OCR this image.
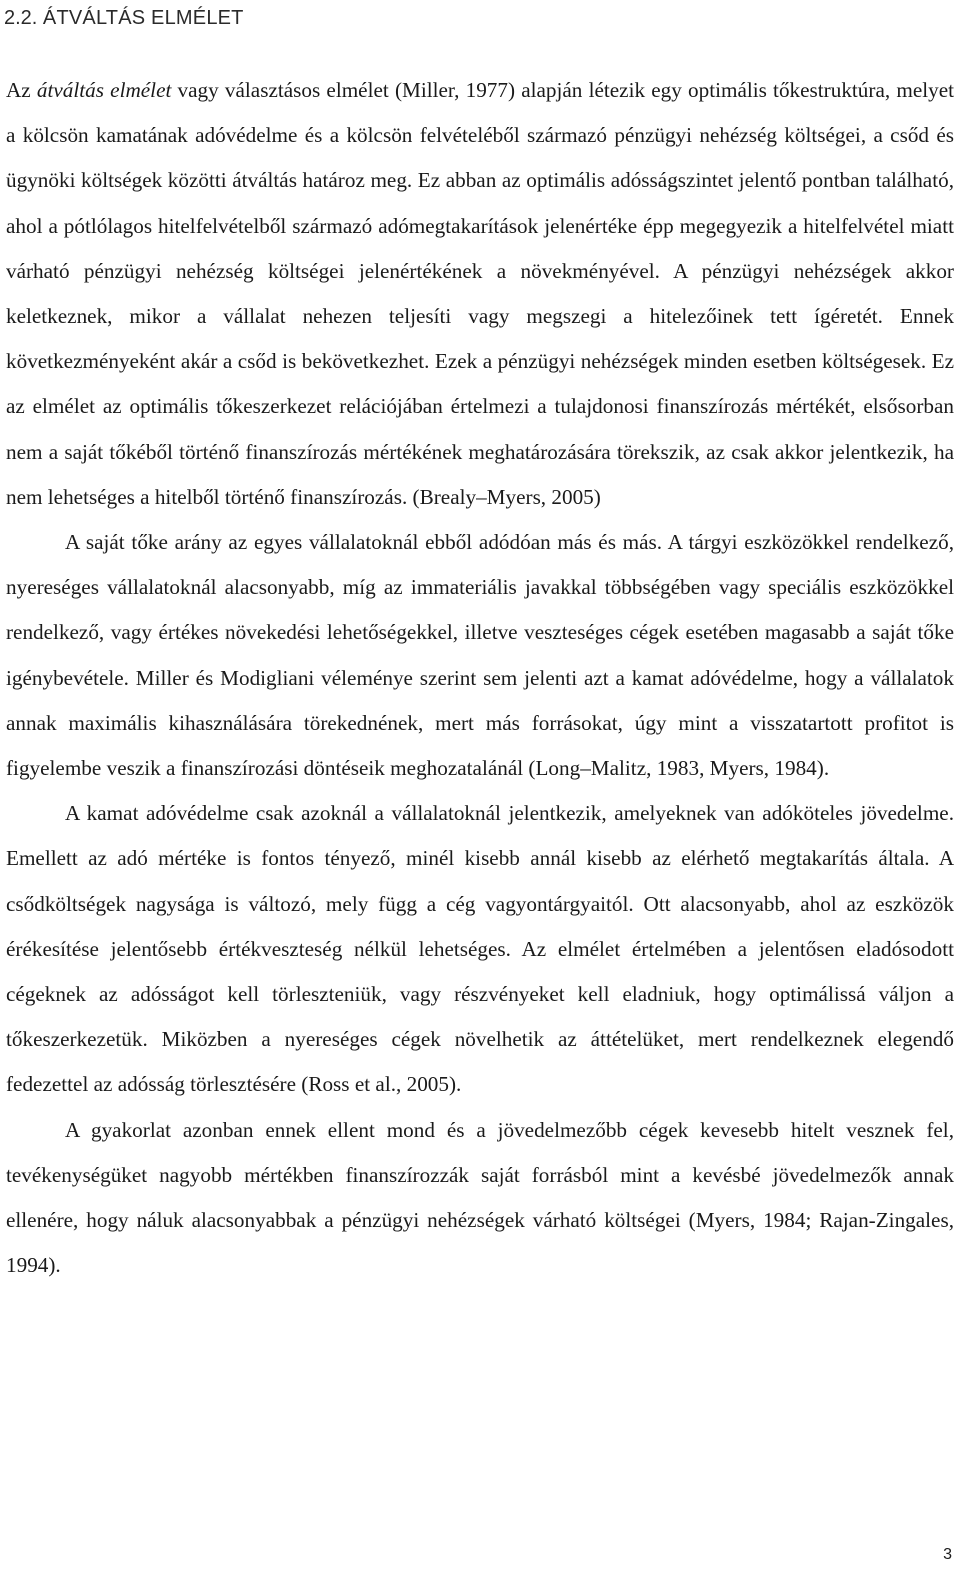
2.2. ÁTVÁLTÁS ELMÉLET

Az átváltás elmélet vagy választásos elmélet (Miller, 1977) alapján létezik egy optimális tőkestruktúra, melyet a kölcsön kamatának adóvédelme és a kölcsön felvételéből származó pénzügyi nehézség költségei, a csőd és ügynöki költségek közötti átváltás határoz meg. Ez abban az optimális adósságszintet jelentő pontban található, ahol a pótlólagos hitelfelvételből származó adómegtakarítások jelenértéke épp megegyezik a hitelfelvétel miatt várható pénzügyi nehézség költségei jelenértékének a növekményével. A pénzügyi nehézségek akkor keletkeznek, mikor a vállalat nehezen teljesíti vagy megszegi a hitelezőinek tett ígéretét. Ennek következményeként akár a csőd is bekövetkezhet. Ezek a pénzügyi nehézségek minden esetben költségesek. Ez az elmélet az optimális tőkeszerkezet relációjában értelmezi a tulajdonosi finanszírozás mértékét, elsősorban nem a saját tőkéből történő finanszírozás mértékének meghatározására törekszik, az csak akkor jelentkezik, ha nem lehetséges a hitelből történő finanszírozás. (Brealy–Myers, 2005)

A saját tőke arány az egyes vállalatoknál ebből adódóan más és más. A tárgyi eszközökkel rendelkező, nyereséges vállalatoknál alacsonyabb, míg az immateriális javakkal többségében vagy speciális eszközökkel rendelkező, vagy értékes növekedési lehetőségekkel, illetve veszteséges cégek esetében magasabb a saját tőke igénybevétele. Miller és Modigliani véleménye szerint sem jelenti azt a kamat adóvédelme, hogy a vállalatok annak maximális kihasználására törekednének, mert más forrásokat, úgy mint a visszatartott profitot is figyelembe veszik a finanszírozási döntéseik meghozatalánál (Long–Malitz, 1983, Myers, 1984).

A kamat adóvédelme csak azoknál a vállalatoknál jelentkezik, amelyeknek van adóköteles jövedelme. Emellett az adó mértéke is fontos tényező, minél kisebb annál kisebb az elérhető megtakarítás általa. A csődköltségek nagysága is változó, mely függ a cég vagyontárgyaitól. Ott alacsonyabb, ahol az eszközök érékesítése jelentősebb értékveszteség nélkül lehetséges. Az elmélet értelmében a jelentősen eladósodott cégeknek az adósságot kell törleszteniük, vagy részvényeket kell eladniuk, hogy optimálissá váljon a tőkeszerkezetük. Miközben a nyereséges cégek növelhetik az áttételüket, mert rendelkeznek elegendő fedezettel az adósság törlesztésére (Ross et al., 2005).

A gyakorlat azonban ennek ellent mond és a jövedelmezőbb cégek kevesebb hitelt vesznek fel, tevékenységüket nagyobb mértékben finanszírozzák saját forrásból mint a kevésbé jövedelmezők annak ellenére, hogy náluk alacsonyabbak a pénzügyi nehézségek várható költségei (Myers, 1984; Rajan-Zingales, 1994).

3
